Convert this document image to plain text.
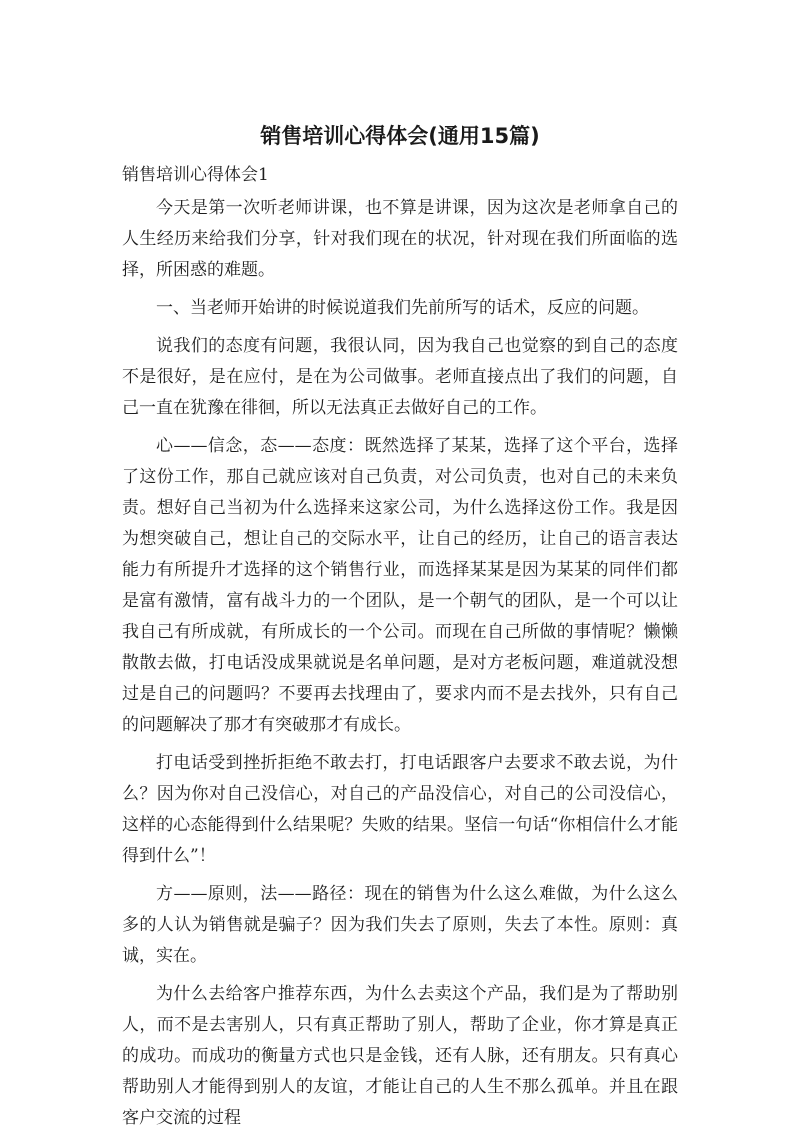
销售培训心得体会(通用15篇)

销售培训心得体会1

今天是第一次听老师讲课，也不算是讲课，因为这次是老师拿自己的人生经历来给我们分享，针对我们现在的状况，针对现在我们所面临的选择，所困惑的难题。

一、当老师开始讲的时候说道我们先前所写的话术，反应的问题。

说我们的态度有问题，我很认同，因为我自己也觉察的到自己的态度不是很好，是在应付，是在为公司做事。老师直接点出了我们的问题，自己一直在犹豫在徘徊，所以无法真正去做好自己的工作。

心——信念，态——态度：既然选择了某某，选择了这个平台，选择了这份工作，那自己就应该对自己负责，对公司负责，也对自己的未来负责。想好自己当初为什么选择来这家公司，为什么选择这份工作。我是因为想突破自己，想让自己的交际水平，让自己的经历，让自己的语言表达能力有所提升才选择的这个销售行业，而选择某某是因为某某的同伴们都是富有激情，富有战斗力的一个团队，是一个朝气的团队，是一个可以让我自己有所成就，有所成长的一个公司。而现在自己所做的事情呢？懒懒散散去做，打电话没成果就说是名单问题，是对方老板问题，难道就没想过是自己的问题吗？不要再去找理由了，要求内而不是去找外，只有自己的问题解决了那才有突破那才有成长。

打电话受到挫折拒绝不敢去打，打电话跟客户去要求不敢去说，为什么？因为你对自己没信心，对自己的产品没信心，对自己的公司没信心，这样的心态能得到什么结果呢？失败的结果。坚信一句话“你相信什么才能得到什么”！

方——原则，法——路径：现在的销售为什么这么难做，为什么这么多的人认为销售就是骗子？因为我们失去了原则，失去了本性。原则：真诚，实在。

为什么去给客户推荐东西，为什么去卖这个产品，我们是为了帮助别人，而不是去害别人，只有真正帮助了别人，帮助了企业，你才算是真正的成功。而成功的衡量方式也只是金钱，还有人脉，还有朋友。只有真心帮助别人才能得到别人的友谊，才能让自己的人生不那么孤单。并且在跟客户交流的过程
